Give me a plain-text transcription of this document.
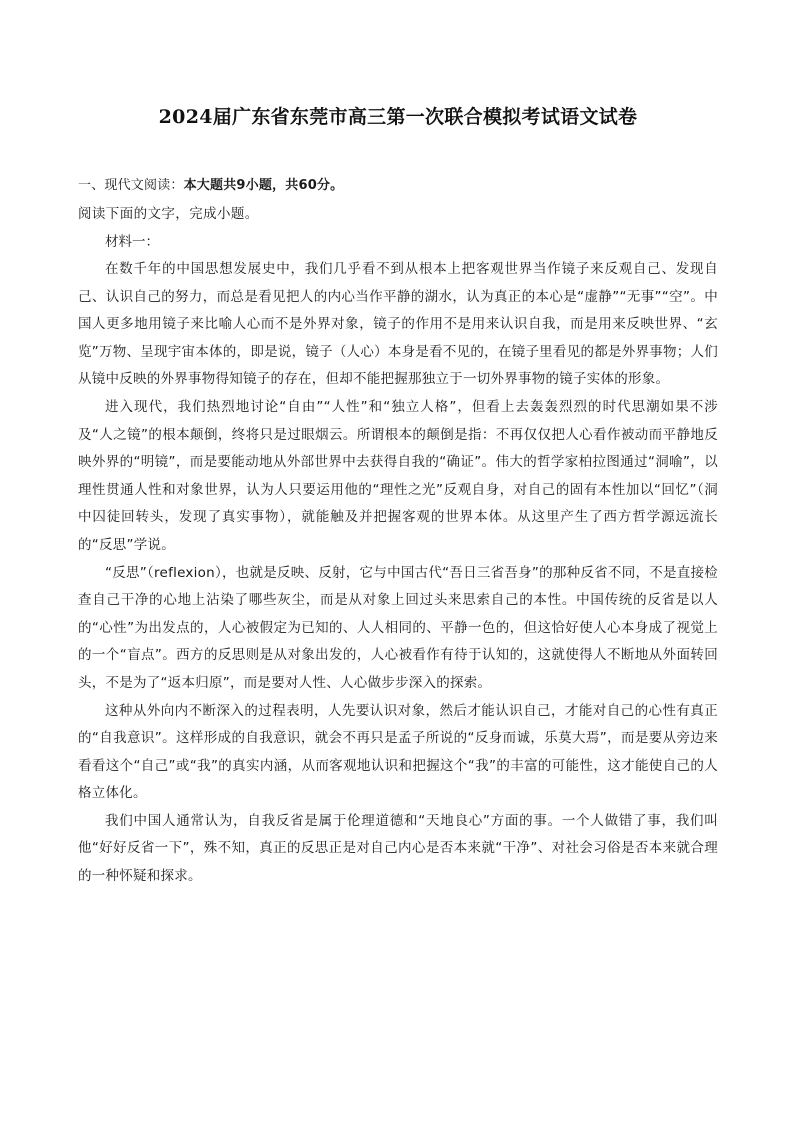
2024届广东省东莞市高三第一次联合模拟考试语文试卷

一、现代文阅读：本大题共9小题，共60分。

阅读下面的文字，完成小题。

材料一：

在数千年的中国思想发展史中，我们几乎看不到从根本上把客观世界当作镜子来反观自己、发现自己、认识自己的努力，而总是看见把人的内心当作平静的湖水，认为真正的本心是“虚静”“无事”“空”。中国人更多地用镜子来比喻人心而不是外界对象，镜子的作用不是用来认识自我，而是用来反映世界、“玄览”万物、呈现宇宙本体的，即是说，镜子（人心）本身是看不见的，在镜子里看见的都是外界事物；人们从镜中反映的外界事物得知镜子的存在，但却不能把握那独立于一切外界事物的镜子实体的形象。

进入现代，我们热烈地讨论“自由”“人性”和“独立人格”，但看上去轰轰烈烈的时代思潮如果不涉及“人之镜”的根本颠倒，终将只是过眼烟云。所谓根本的颠倒是指：不再仅仅把人心看作被动而平静地反映外界的“明镜”，而是要能动地从外部世界中去获得自我的“确证”。伟大的哲学家柏拉图通过“洞喻”，以理性贯通人性和对象世界，认为人只要运用他的“理性之光”反观自身，对自己的固有本性加以“回忆”（洞中囚徒回转头，发现了真实事物），就能触及并把握客观的世界本体。从这里产生了西方哲学源远流长的“反思”学说。

“反思”（reflexion），也就是反映、反射，它与中国古代“吾日三省吾身”的那种反省不同，不是直接检查自己干净的心地上沾染了哪些灰尘，而是从对象上回过头来思索自己的本性。中国传统的反省是以人的“心性”为出发点的，人心被假定为已知的、人人相同的、平静一色的，但这恰好使人心本身成了视觉上的一个“盲点”。西方的反思则是从对象出发的，人心被看作有待于认知的，这就使得人不断地从外面转回头，不是为了“返本归原”，而是要对人性、人心做步步深入的探索。

这种从外向内不断深入的过程表明，人先要认识对象，然后才能认识自己，才能对自己的心性有真正的“自我意识”。这样形成的自我意识，就会不再只是孟子所说的“反身而诚，乐莫大焉”，而是要从旁边来看看这个“自己”或“我”的真实内涵，从而客观地认识和把握这个“我”的丰富的可能性，这才能使自己的人格立体化。

我们中国人通常认为，自我反省是属于伦理道德和“天地良心”方面的事。一个人做错了事，我们叫他“好好反省一下”，殊不知，真正的反思正是对自己内心是否本来就“干净”、对社会习俗是否本来就合理的一种怀疑和探求。
